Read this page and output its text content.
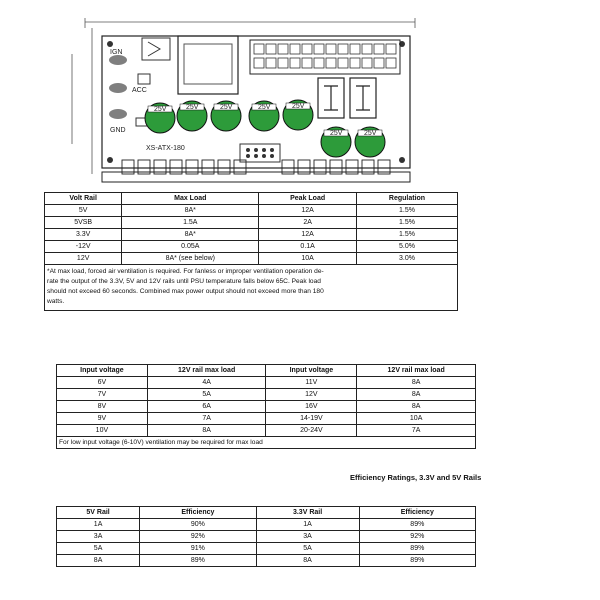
IGN
ACC
GND
25V	25V	25V	25V	25V
25V	25V
XS-ATX-180
Volt Rail	Max Load	Peak Load	Regulation
5V	8A*	12A	1.5%
5VSB	1.5A	2A	1.5%
3.3V	8A*	12A	1.5%
-12V	0.05A	0.1A	5.0%
12V	8A* (see below)	10A	3.0%

*At max load, forced air ventilation is required. For fanless or improper ventilation operation de-
rate the output of the 3.3V, 5V and 12V rails until PSU temperature falls below 65C. Peak load
should not exceed 60 seconds. Combined max power output should not exceed more than 180
watts.			
Input voltage	12V rail max load	Input voltage	12V rail max load
6V	4A	11V	8A
7V	5A	12V	8A
8V	6A	16V	8A
9V	7A	14-19V	10A
10V	8A	20-24V	7A
For low input voltage (6-10V) ventilation may be required for max load			
Efficiency Ratings, 3.3V and 5V Rails
5V Rail	Efficiency	3.3V Rail	Efficiency
1A	90%	1A	89%
3A	92%	3A	92%
5A	91%	5A	89%
8A	89%	8A	89%
